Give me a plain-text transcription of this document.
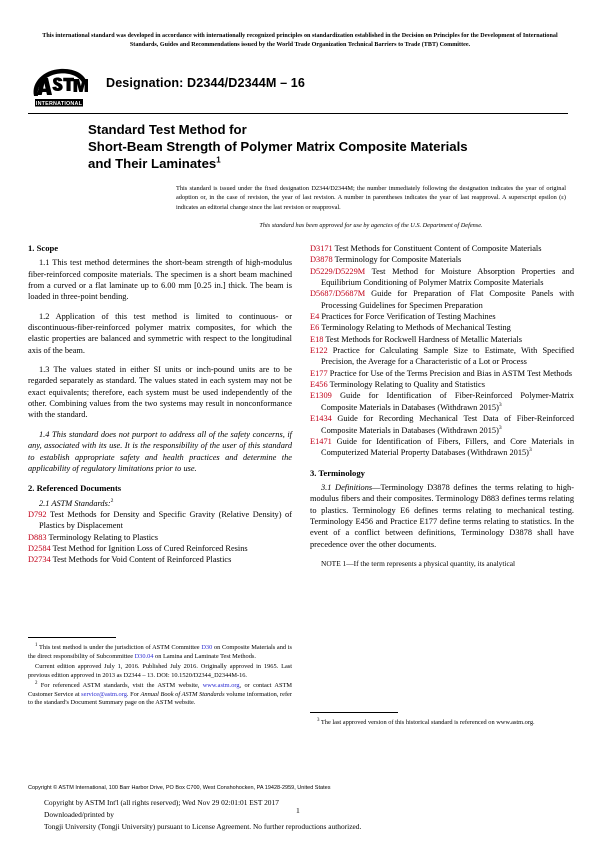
This international standard was developed in accordance with internationally recognized principles on standardization established in the Decision on Principles for the Development of International Standards, Guides and Recommendations issued by the World Trade Organization Technical Barriers to Trade (TBT) Committee.
INTERNATIONAL
Designation: D2344/D2344M – 16
Standard Test Method for
Short-Beam Strength of Polymer Matrix Composite Materials
and Their Laminates$^1$
This standard is issued under the fixed designation D2344/D2344M; the number immediately following the designation indicates the year of original adoption or, in the case of revision, the year of last revision. A number in parentheses indicates the year of last reapproval. A superscript epsilon (ε) indicates an editorial change since the last revision or reapproval.
This standard has been approved for use by agencies of the U.S. Department of Defense.
1. Scope

1.1 This test method determines the short-beam strength of high-modulus fiber-reinforced composite materials. The specimen is a short beam machined from a curved or a flat laminate up to 6.00 mm [0.25 in.] thick. The beam is loaded in three-point bending.

1.2 Application of this test method is limited to continuous- or discontinuous-fiber-reinforced polymer matrix composites, for which the elastic properties are balanced and symmetric with respect to the longitudinal axis of the beam.

1.3 The values stated in either SI units or inch-pound units are to be regarded separately as standard. The values stated in each system may not be exact equivalents; therefore, each system must be used independently of the other. Combining values from the two systems may result in nonconformance with the standard.

1.4 This standard does not purport to address all of the safety concerns, if any, associated with its use. It is the responsibility of the user of this standard to establish appropriate safety and health practices and determine the applicability of regulatory limitations prior to use.

2. Referenced Documents

2.1 ASTM Standards:$^2$

D792 Test Methods for Density and Specific Gravity (Relative Density) of Plastics by Displacement
D883 Terminology Relating to Plastics
D2584 Test Method for Ignition Loss of Cured Reinforced Resins
D2734 Test Methods for Void Content of Reinforced Plastics
D3171 Test Methods for Constituent Content of Composite Materials
D3878 Terminology for Composite Materials
D5229/D5229M Test Method for Moisture Absorption Properties and Equilibrium Conditioning of Polymer Matrix Composite Materials
D5687/D5687M Guide for Preparation of Flat Composite Panels with Processing Guidelines for Specimen Preparation
E4 Practices for Force Verification of Testing Machines
E6 Terminology Relating to Methods of Mechanical Testing
E18 Test Methods for Rockwell Hardness of Metallic Materials
E122 Practice for Calculating Sample Size to Estimate, With Specified Precision, the Average for a Characteristic of a Lot or Process
E177 Practice for Use of the Terms Precision and Bias in ASTM Test Methods
E456 Terminology Relating to Quality and Statistics
E1309 Guide for Identification of Fiber-Reinforced Polymer-Matrix Composite Materials in Databases (Withdrawn 2015)$^3$
E1434 Guide for Recording Mechanical Test Data of Fiber-Reinforced Composite Materials in Databases (Withdrawn 2015)$^3$
E1471 Guide for Identification of Fibers, Fillers, and Core Materials in Computerized Material Property Databases (Withdrawn 2015)$^3$
3. Terminology

3.1 Definitions—Terminology D3878 defines the terms relating to high-modulus fibers and their composites. Terminology D883 defines terms relating to plastics. Terminology E6 defines terms relating to mechanical testing. Terminology E456 and Practice E177 define terms relating to statistics. In the event of a conflict between definitions, Terminology D3878 shall have precedence over the other documents.

NOTE 1—If the term represents a physical quantity, its analytical

$^1$ This test method is under the jurisdiction of ASTM Committee D30 on Composite Materials and is the direct responsibility of Subcommittee D30.04 on Lamina and Laminate Test Methods.

Current edition approved July 1, 2016. Published July 2016. Originally approved in 1965. Last previous edition approved in 2013 as D2344 – 13. DOI: 10.1520/D2344_D2344M-16.

$^2$ For referenced ASTM standards, visit the ASTM website, www.astm.org, or contact ASTM Customer Service at service@astm.org. For Annual Book of ASTM Standards volume information, refer to the standard's Document Summary page on the ASTM website.

$^3$ The last approved version of this historical standard is referenced on www.astm.org.

Copyright © ASTM International, 100 Barr Harbor Drive, PO Box C700, West Conshohocken, PA 19428-2959, United States
Copyright by ASTM Int'l (all rights reserved); Wed Nov 29 02:01:01 EST 2017
Downloaded/printed by
Tongji University (Tongji University) pursuant to License Agreement. No further reproductions authorized.
1
